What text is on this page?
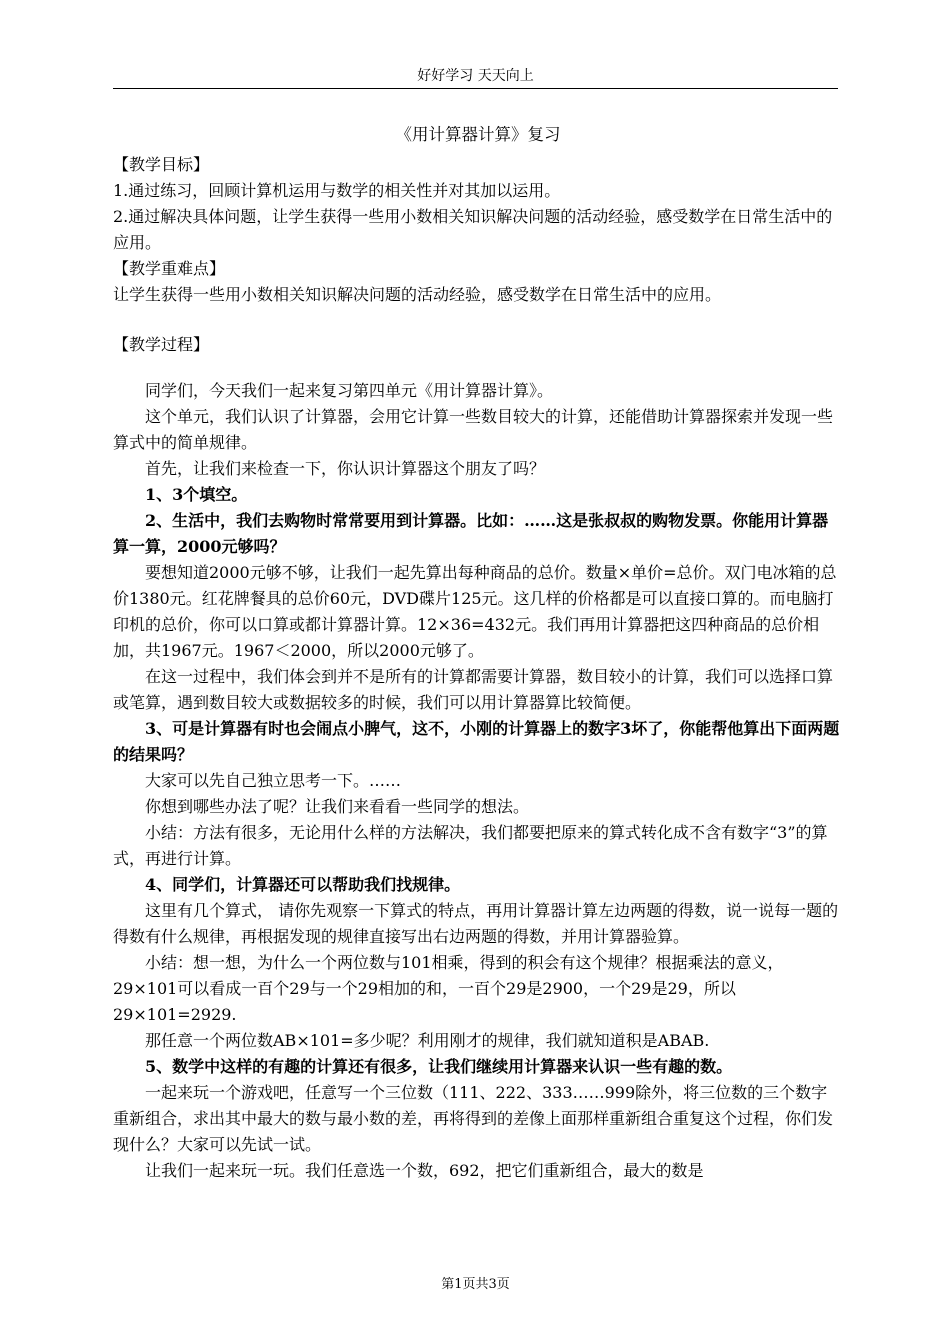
好好学习 天天向上
《用计算器计算》复习

【教学目标】

1.通过练习，回顾计算机运用与数学的相关性并对其加以运用。

2.通过解决具体问题，让学生获得一些用小数相关知识解决问题的活动经验，感受数学在日常生活中的应用。

【教学重难点】

让学生获得一些用小数相关知识解决问题的活动经验，感受数学在日常生活中的应用。

【教学过程】

同学们，今天我们一起来复习第四单元《用计算器计算》。

这个单元，我们认识了计算器，会用它计算一些数目较大的计算，还能借助计算器探索并发现一些算式中的简单规律。

首先，让我们来检查一下，你认识计算器这个朋友了吗？

1、3个填空。

2、生活中，我们去购物时常常要用到计算器。比如：……这是张叔叔的购物发票。你能用计算器算一算，2000元够吗？

要想知道2000元够不够，让我们一起先算出每种商品的总价。数量×单价=总价。双门电冰箱的总价1380元。红花牌餐具的总价60元，DVD碟片125元。这几样的价格都是可以直接口算的。而电脑打印机的总价，你可以口算或都计算器计算。12×36=432元。我们再用计算器把这四种商品的总价相加，共1967元。1967＜2000，所以2000元够了。

在这一过程中，我们体会到并不是所有的计算都需要计算器，数目较小的计算，我们可以选择口算或笔算，遇到数目较大或数据较多的时候，我们可以用计算器算比较简便。

3、可是计算器有时也会闹点小脾气，这不，小刚的计算器上的数字3坏了，你能帮他算出下面两题的结果吗？

大家可以先自己独立思考一下。……

你想到哪些办法了呢？让我们来看看一些同学的想法。

小结：方法有很多，无论用什么样的方法解决，我们都要把原来的算式转化成不含有数字“3”的算式，再进行计算。

4、同学们，计算器还可以帮助我们找规律。

这里有几个算式， 请你先观察一下算式的特点，再用计算器计算左边两题的得数，说一说每一题的得数有什么规律，再根据发现的规律直接写出右边两题的得数，并用计算器验算。

小结：想一想，为什么一个两位数与101相乘，得到的积会有这个规律？根据乘法的意义，29×101可以看成一百个29与一个29相加的和，一百个29是2900，一个29是29，所以29×101=2929.

那任意一个两位数AB×101=多少呢？利用刚才的规律，我们就知道积是ABAB.

5、数学中这样的有趣的计算还有很多，让我们继续用计算器来认识一些有趣的数。

一起来玩一个游戏吧，任意写一个三位数（111、222、333……999除外，将三位数的三个数字重新组合，求出其中最大的数与最小数的差，再将得到的差像上面那样重新组合重复这个过程，你们发现什么？大家可以先试一试。

让我们一起来玩一玩。我们任意选一个数，692，把它们重新组合，最大的数是

第1页共3页
